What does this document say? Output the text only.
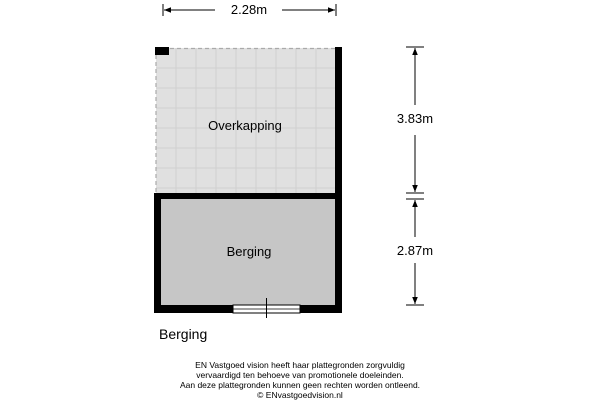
Overkapping
Berging
2.28m
3.83m
2.87m
Berging
EN Vastgoed vision heeft haar plattegronden zorgvuldig
vervaardigd ten behoeve van promotionele doeleinden.
Aan deze plattegronden kunnen geen rechten worden ontleend.
© ENvastgoedvision.nl
